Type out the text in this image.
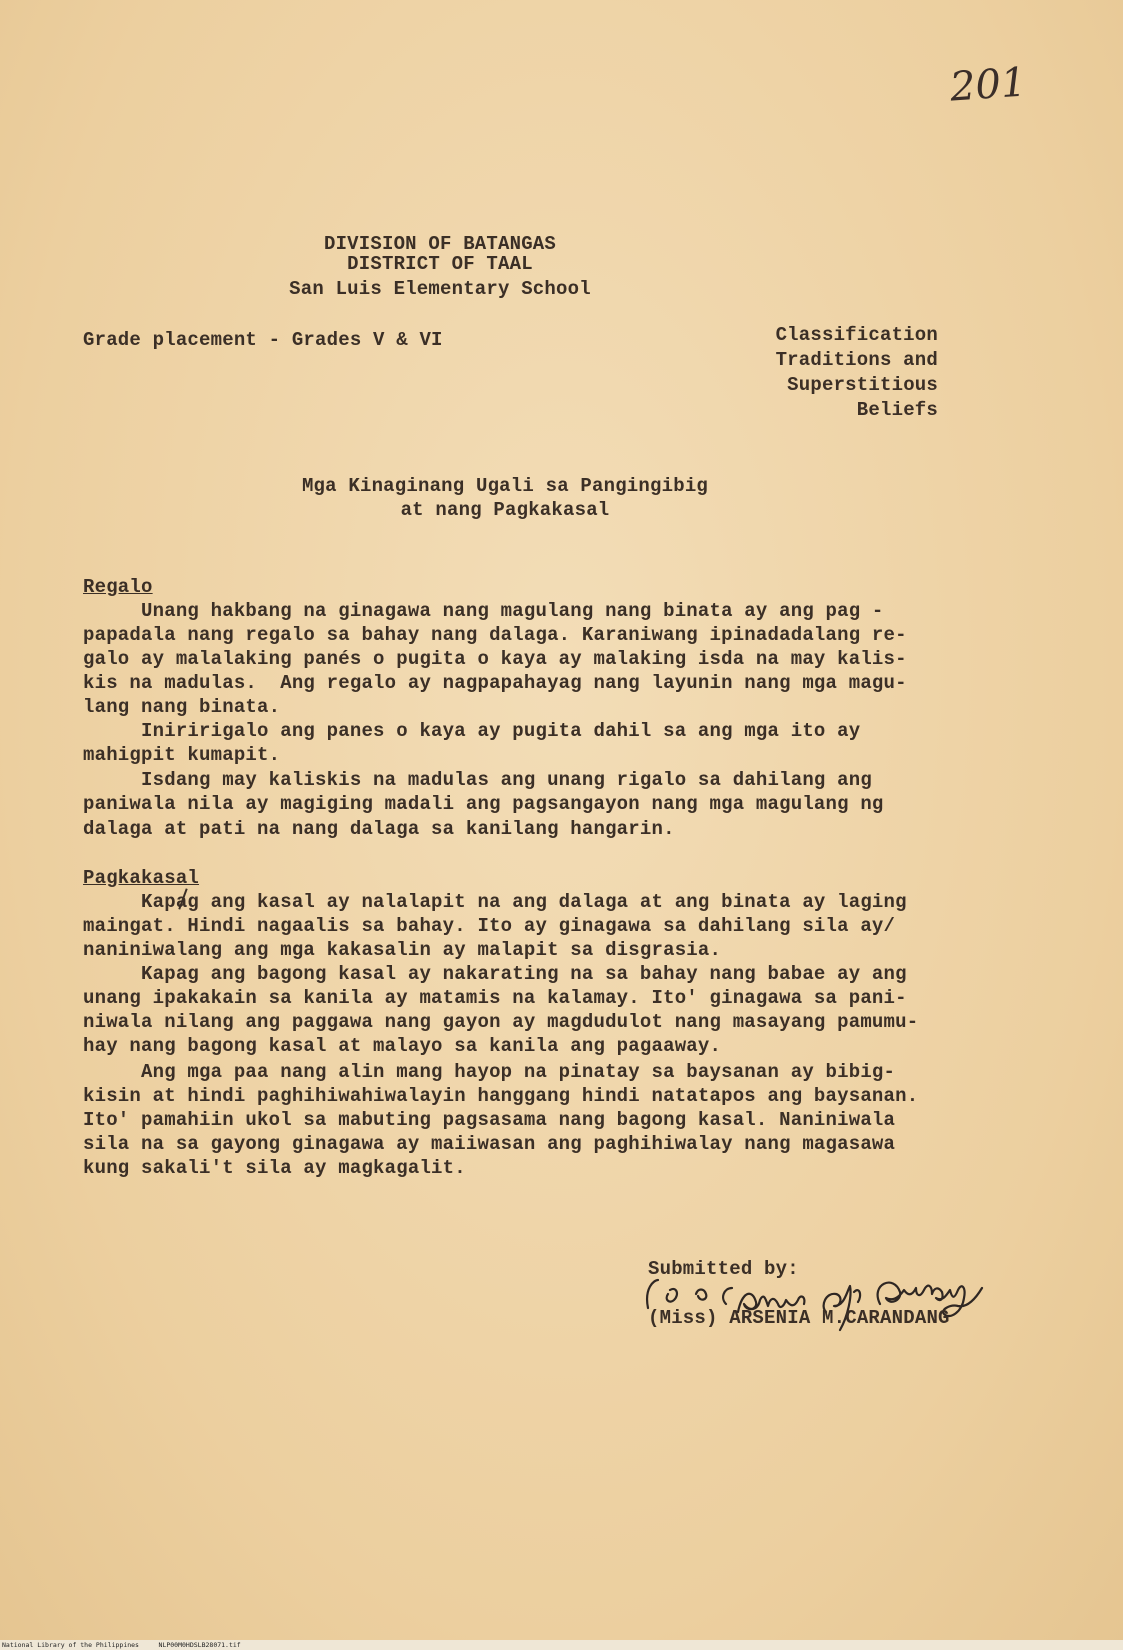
201
DIVISION OF BATANGAS
DISTRICT OF TAAL
San Luis Elementary School
Grade placement - Grades V & VI	Classification
Traditions and
Superstitious
Beliefs
Mga Kinaginang Ugali sa Pangingibig
at nang Pagkakasal
Regalo
Unang hakbang na ginagawa nang magulang nang binata ay ang pag -
papadala nang regalo sa bahay nang dalaga. Karaniwang ipinadadalang re-
galo ay malalaking panés o pugita o kaya ay malaking isda na may kalis-
kis na madulas.  Ang regalo ay nagpapahayag nang layunin nang mga magu-
lang nang binata.
Iniririgalo ang panes o kaya ay pugita dahil sa ang mga ito ay
mahigpit kumapit.
Isdang may kaliskis na madulas ang unang rigalo sa dahilang ang
paniwala nila ay magiging madali ang pagsangayon nang mga magulang ng
dalaga at pati na nang dalaga sa kanilang hangarin.
Pagkakasal
Kapag ang kasal ay nalalapit na ang dalaga at ang binata ay laging
maingat. Hindi nagaalis sa bahay. Ito ay ginagawa sa dahilang sila ay/
naniniwalang ang mga kakasalin ay malapit sa disgrasia.
Kapag ang bagong kasal ay nakarating na sa bahay nang babae ay ang
unang ipakakain sa kanila ay matamis na kalamay. Ito' ginagawa sa pani-
niwala nilang ang paggawa nang gayon ay magdudulot nang masayang pamumu-
hay nang bagong kasal at malayo sa kanila ang pagaaway.
Ang mga paa nang alin mang hayop na pinatay sa baysanan ay bibig-
kisin at hindi paghihiwahiwalayin hanggang hindi natatapos ang baysanan.
Ito' pamahiin ukol sa mabuting pagsasama nang bagong kasal. Naniniwala
sila na sa gayong ginagawa ay maiiwasan ang paghihiwalay nang magasawa
kung sakali't sila ay magkagalit.
Submitted by:
(Miss) ARSENIA M.CARANDANG
National Library of the Philippines     NLP00M0HDSLB28071.tif
